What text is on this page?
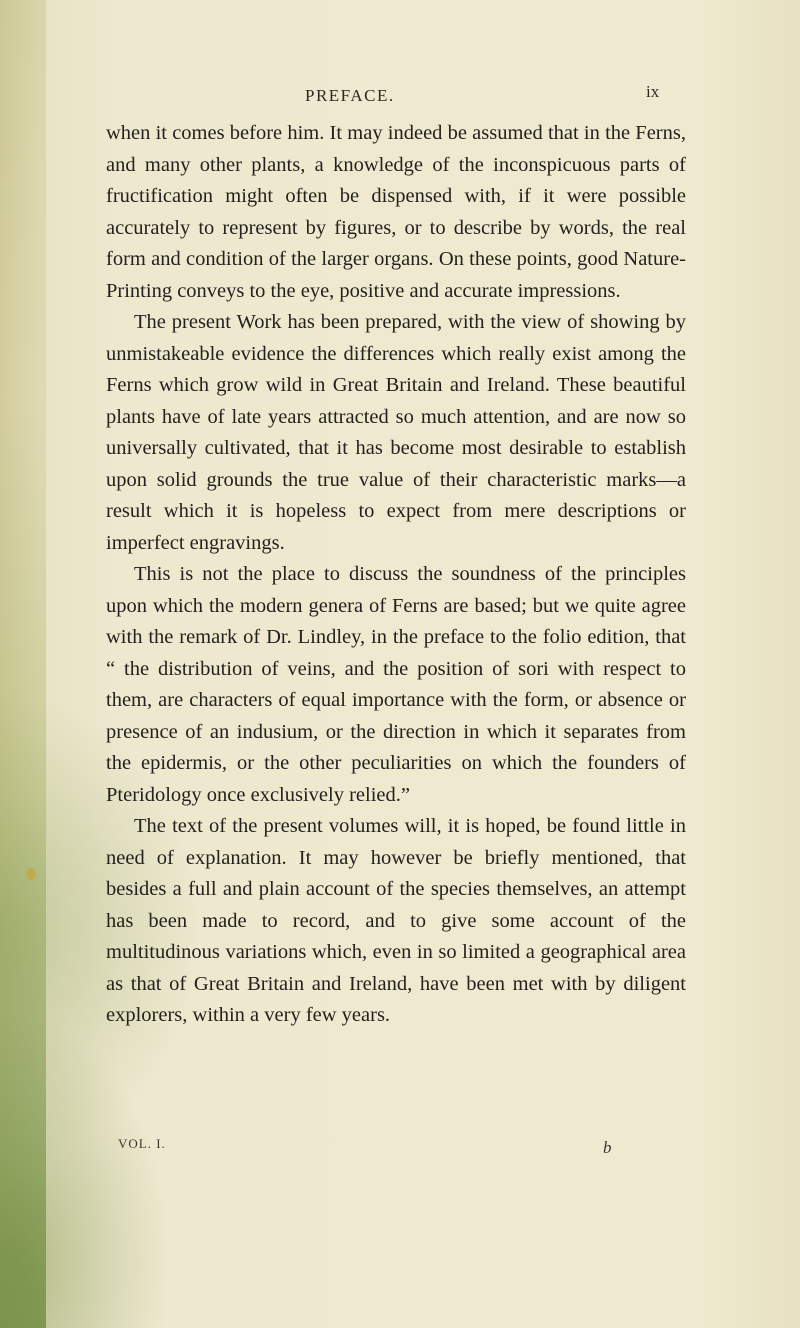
PREFACE.	ix

when it comes before him. It may indeed be assumed that in the Ferns, and many other plants, a knowledge of the inconspicuous parts of fructification might often be dispensed with, if it were possible accurately to represent by figures, or to describe by words, the real form and condition of the larger organs. On these points, good Nature-Printing conveys to the eye, positive and accurate impressions.

The present Work has been prepared, with the view of showing by unmistakeable evidence the differences which really exist among the Ferns which grow wild in Great Britain and Ireland. These beautiful plants have of late years attracted so much attention, and are now so universally cultivated, that it has become most desirable to establish upon solid grounds the true value of their characteristic marks—a result which it is hopeless to expect from mere descriptions or imperfect engravings.

This is not the place to discuss the soundness of the principles upon which the modern genera of Ferns are based; but we quite agree with the remark of Dr. Lindley, in the preface to the folio edition, that “ the distribution of veins, and the position of sori with respect to them, are characters of equal importance with the form, or absence or presence of an indusium, or the direction in which it separates from the epidermis, or the other peculiarities on which the founders of Pteridology once exclusively relied.”

The text of the present volumes will, it is hoped, be found little in need of explanation. It may however be briefly mentioned, that besides a full and plain account of the species themselves, an attempt has been made to record, and to give some account of the multitudinous variations which, even in so limited a geographical area as that of Great Britain and Ireland, have been met with by diligent explorers, within a very few years.

VOL. I.	b
